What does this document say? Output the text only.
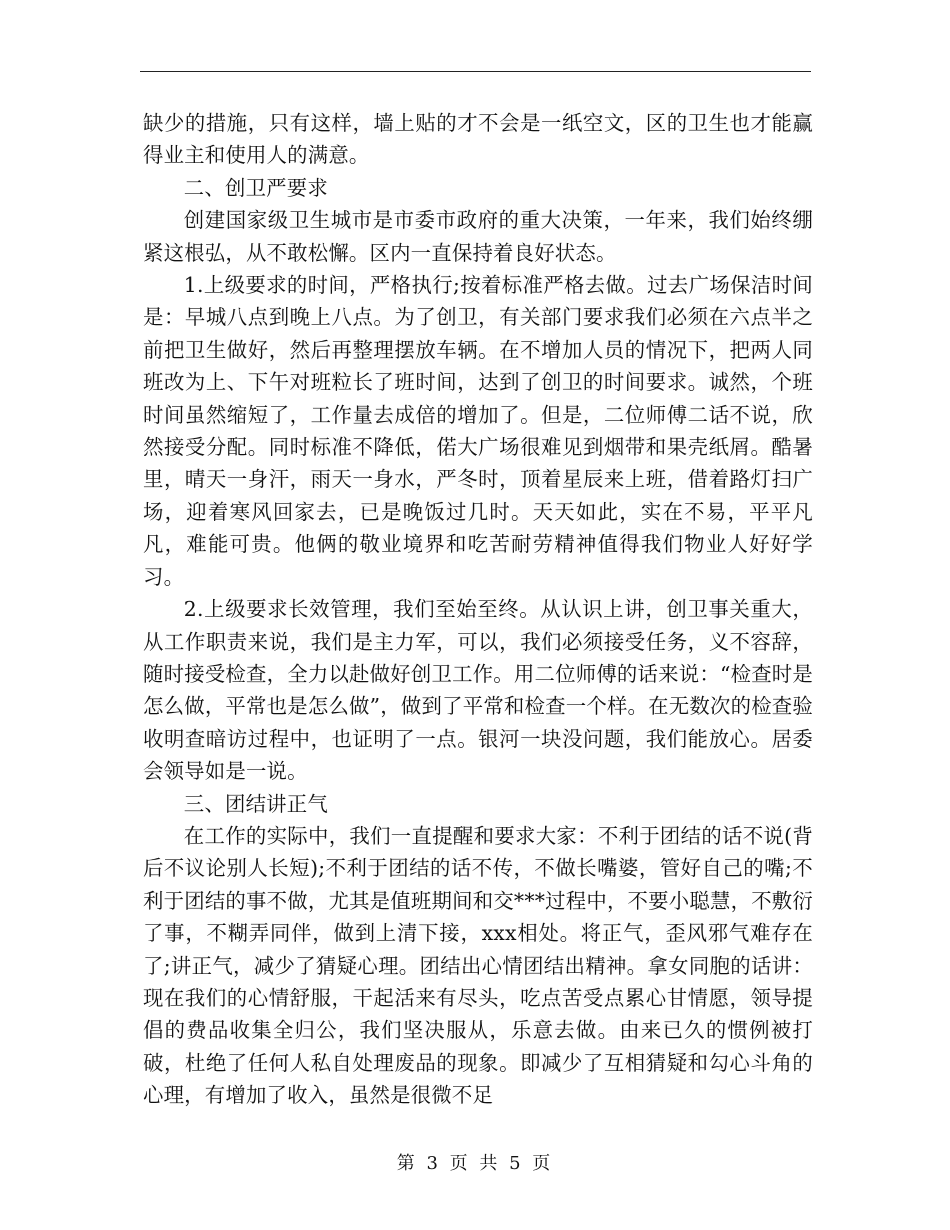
缺少的措施，只有这样，墙上贴的才不会是一纸空文，区的卫生也才能赢得业主和使用人的满意。

二、创卫严要求

创建国家级卫生城市是市委市政府的重大决策，一年来，我们始终绷紧这根弘，从不敢松懈。区内一直保持着良好状态。

1.上级要求的时间，严格执行;按着标准严格去做。过去广场保洁时间是：早城八点到晚上八点。为了创卫，有关部门要求我们必须在六点半之前把卫生做好，然后再整理摆放车辆。在不增加人员的情况下，把两人同班改为上、下午对班粒长了班时间，达到了创卫的时间要求。诚然，个班时间虽然缩短了，工作量去成倍的增加了。但是，二位师傅二话不说，欣然接受分配。同时标准不降低，偌大广场很难见到烟带和果壳纸屑。酷暑里，晴天一身汗，雨天一身水，严冬时，顶着星辰来上班，借着路灯扫广场，迎着寒风回家去，已是晚饭过几时。天天如此，实在不易，平平凡凡，难能可贵。他俩的敬业境界和吃苦耐劳精神值得我们物业人好好学习。

2.上级要求长效管理，我们至始至终。从认识上讲，创卫事关重大，从工作职责来说，我们是主力军，可以，我们必须接受任务，义不容辞，随时接受检查，全力以赴做好创卫工作。用二位师傅的话来说：“检查时是怎么做，平常也是怎么做”，做到了平常和检查一个样。在无数次的检查验收明查暗访过程中，也证明了一点。银河一块没问题，我们能放心。居委会领导如是一说。

三、团结讲正气

在工作的实际中，我们一直提醒和要求大家：不利于团结的话不说(背后不议论别人长短);不利于团结的话不传，不做长嘴婆，管好自己的嘴;不利于团结的事不做，尤其是值班期间和交***过程中，不要小聪慧，不敷衍了事，不糊弄同伴，做到上清下接，xxx相处。将正气，歪风邪气难存在了;讲正气，减少了猜疑心理。团结出心情团结出精神。拿女同胞的话讲：现在我们的心情舒服，干起活来有尽头，吃点苦受点累心甘情愿，领导提倡的费品收集全归公，我们坚决服从，乐意去做。由来已久的惯例被打破，杜绝了任何人私自处理废品的现象。即减少了互相猜疑和勾心斗角的心理，有增加了收入，虽然是很微不足

第 3 页 共 5 页
